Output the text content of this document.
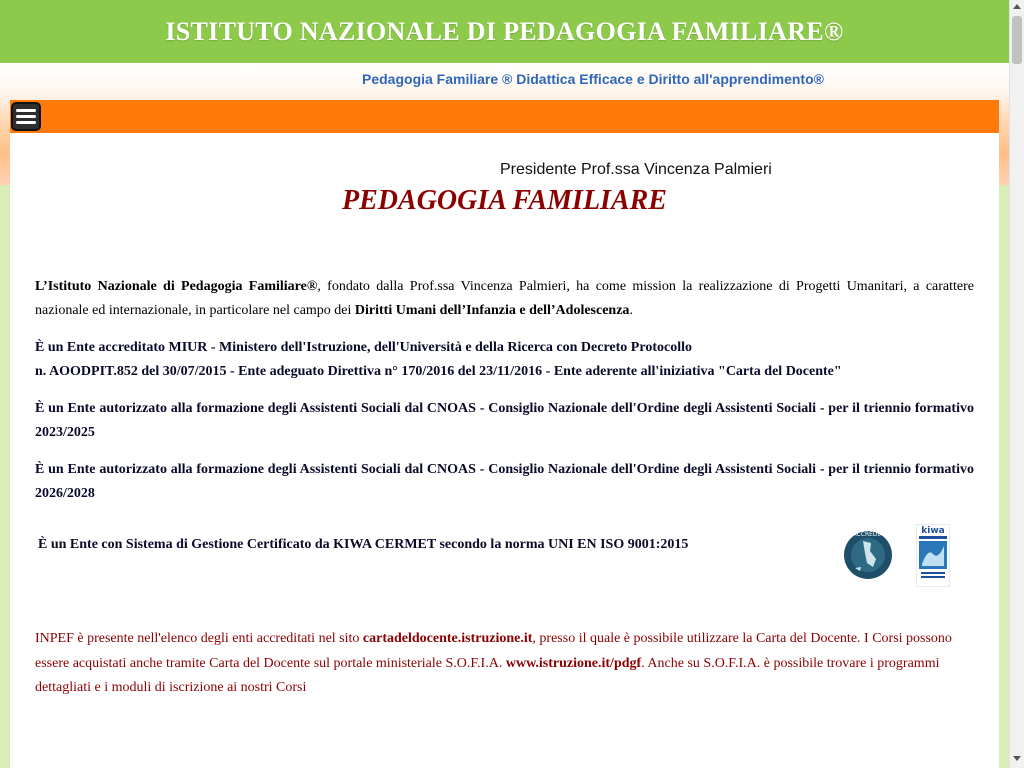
ISTITUTO NAZIONALE DI PEDAGOGIA FAMILIARE®
Pedagogia Familiare ® Didattica Efficace e Diritto all'apprendimento®
Presidente Prof.ssa Vincenza Palmieri
PEDAGOGIA FAMILIARE

L’Istituto Nazionale di Pedagogia Familiare®, fondato dalla Prof.ssa Vincenza Palmieri, ha come mission la realizzazione di Progetti Umanitari, a carattere nazionale ed internazionale, in particolare nel campo dei Diritti Umani dell’Infanzia e dell’Adolescenza.

È un Ente accreditato MIUR - Ministero dell'Istruzione, dell'Università e della Ricerca con Decreto Protocollo
n. AOODPIT.852 del 30/07/2015 - Ente adeguato Direttiva n° 170/2016 del 23/11/2016 - Ente aderente all'iniziativa "Carta del Docente"

È un Ente autorizzato alla formazione degli Assistenti Sociali dal CNOAS - Consiglio Nazionale dell'Ordine degli Assistenti Sociali - per il triennio formativo 2023/2025

È un Ente autorizzato alla formazione degli Assistenti Sociali dal CNOAS - Consiglio Nazionale dell'Ordine degli Assistenti Sociali - per il triennio formativo 2026/2028

È un Ente con Sistema di Gestione Certificato da KIWA CERMET secondo la norma UNI EN ISO 9001:2015

ACCREDIA	kiwa

INPEF è presente nell'elenco degli enti accreditati nel sito cartadeldocente.istruzione.it, presso il quale è possibile utilizzare la Carta del Docente. I Corsi possono essere acquistati anche tramite Carta del Docente sul portale ministeriale S.O.F.I.A. www.istruzione.it/pdgf. Anche su S.O.F.I.A. è possibile trovare i programmi dettagliati e i moduli di iscrizione ai nostri Corsi
